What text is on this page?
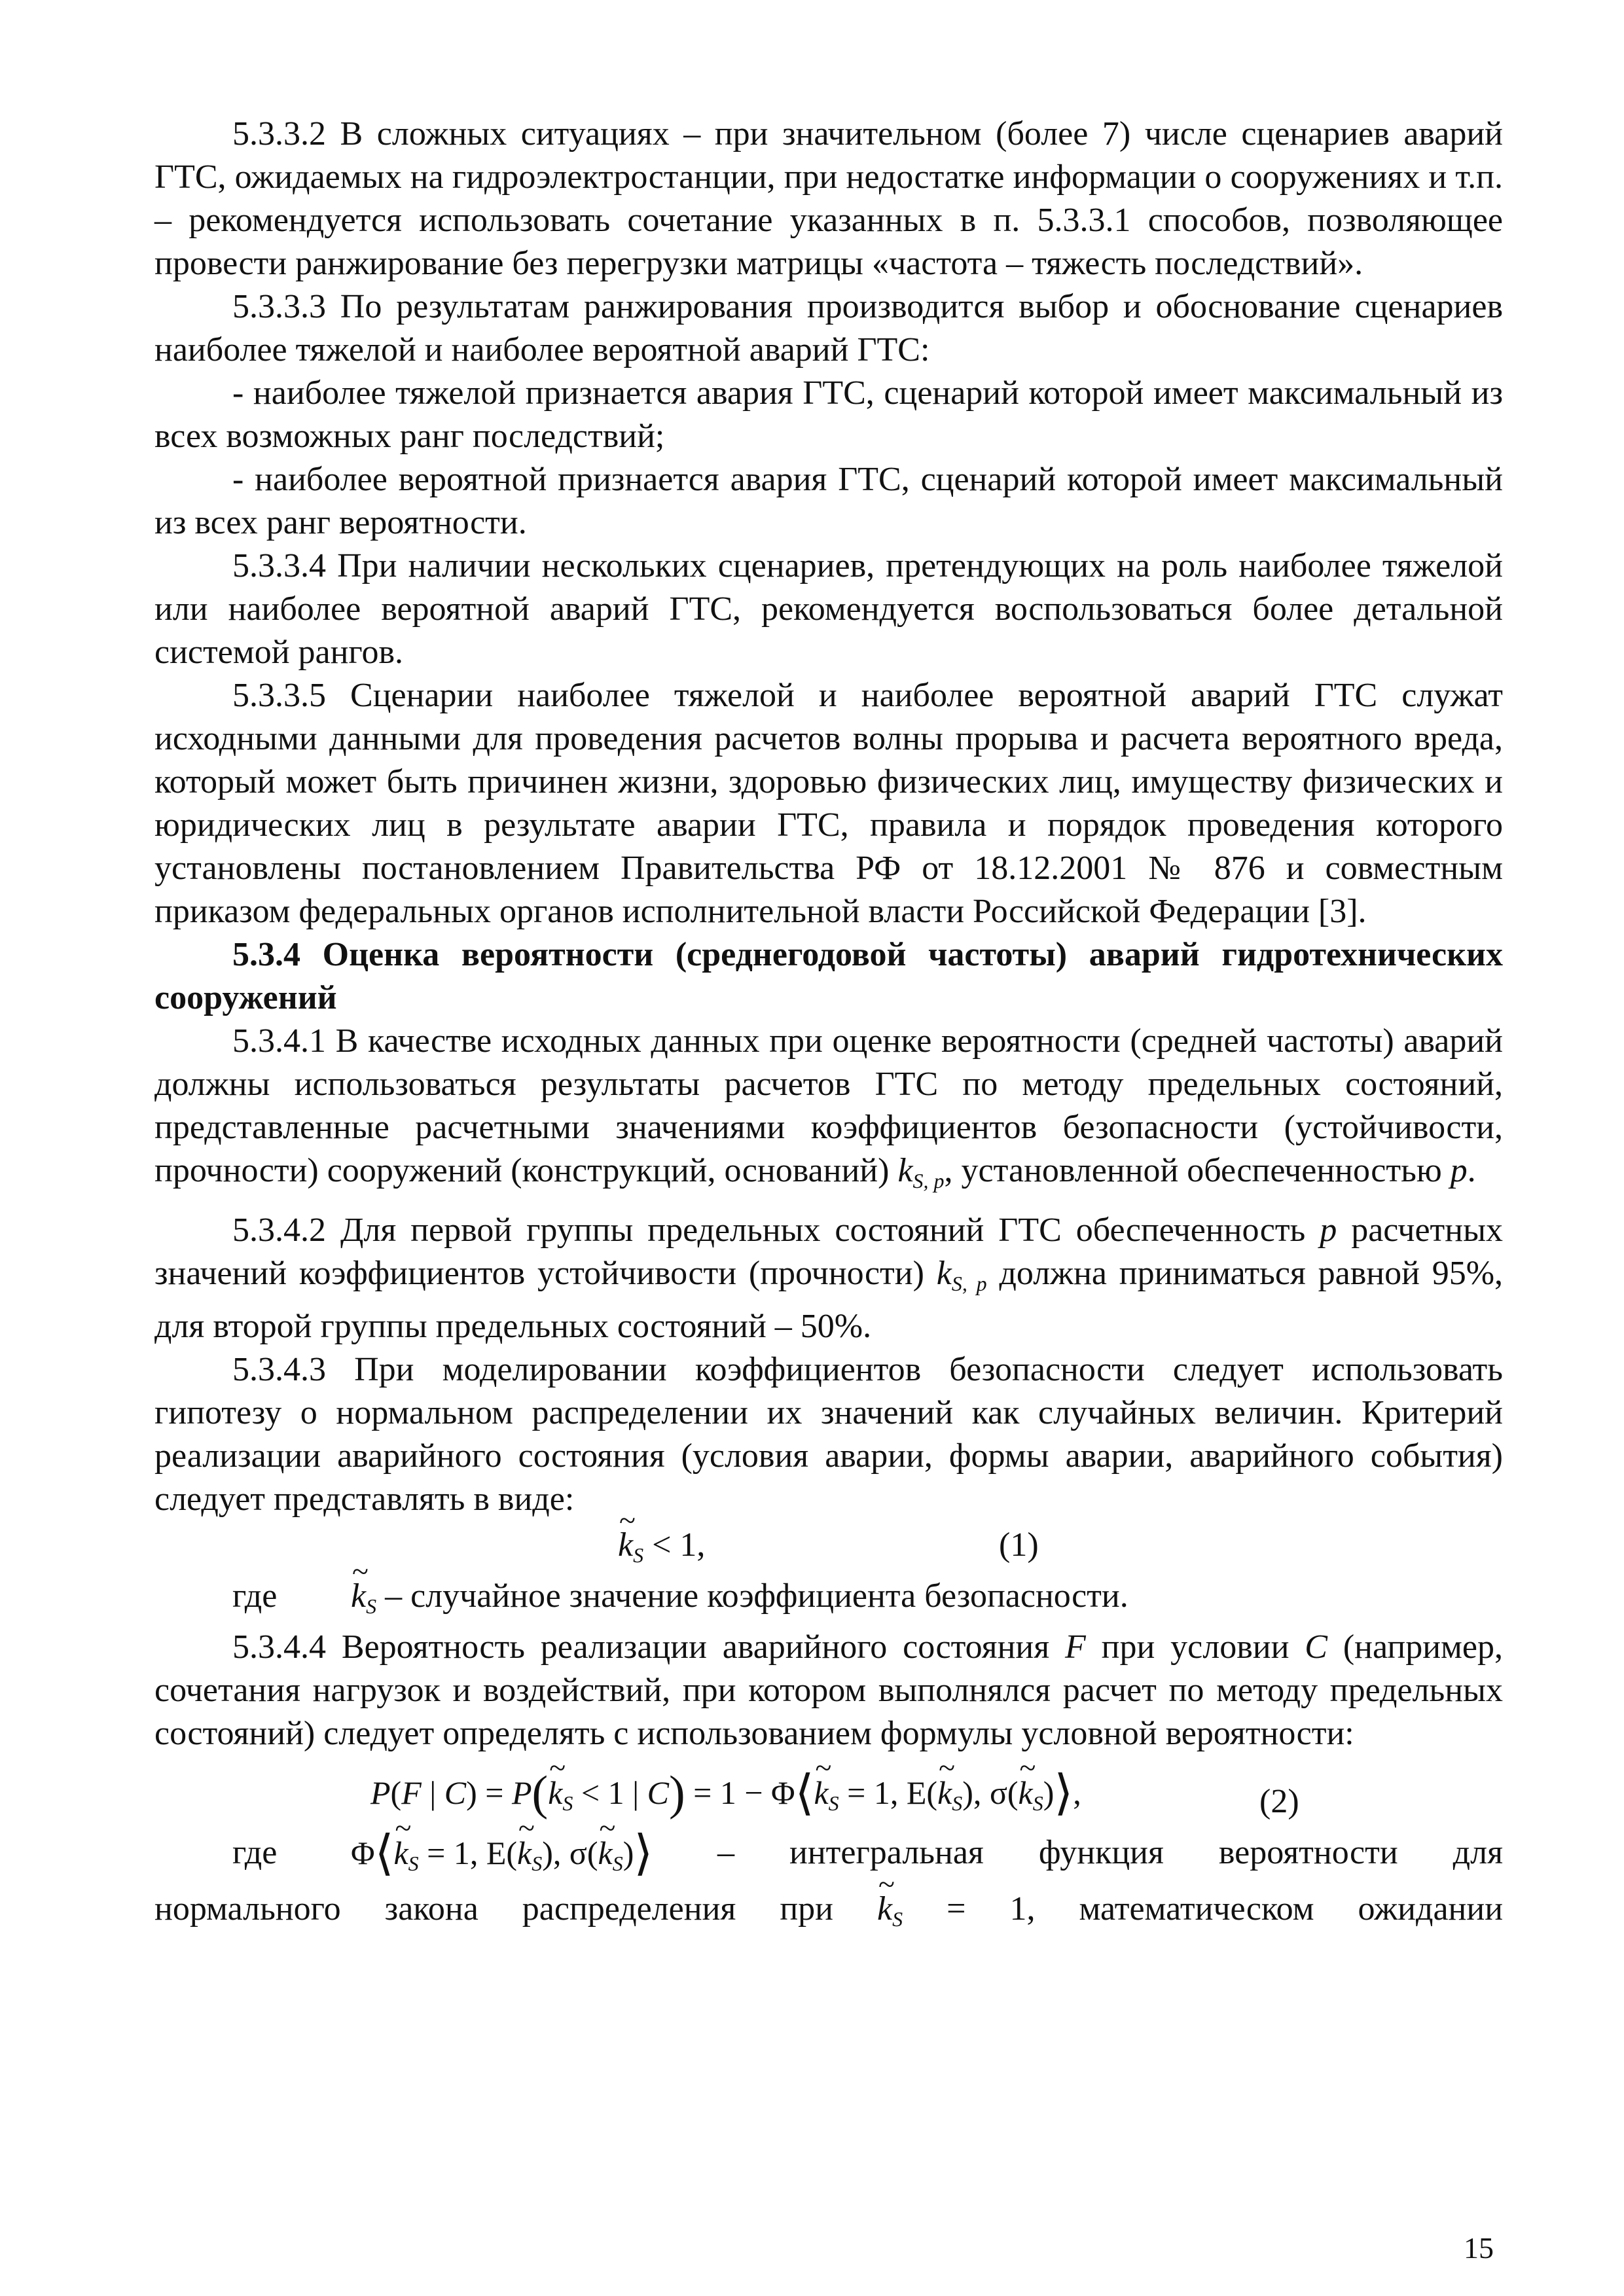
5.3.3.2 В сложных ситуациях – при значительном (более 7) числе сценариев аварий ГТС, ожидаемых на гидроэлектростанции, при недостатке информации о сооружениях и т.п. – рекомендуется использовать сочетание указанных в п. 5.3.3.1 способов, позволяющее провести ранжирование без перегрузки матрицы «частота – тяжесть последствий».

5.3.3.3 По результатам ранжирования производится выбор и обоснование сценариев наиболее тяжелой и наиболее вероятной аварий ГТС:

- наиболее тяжелой признается авария ГТС, сценарий которой имеет максимальный из всех возможных ранг последствий;

- наиболее вероятной признается авария ГТС, сценарий которой имеет максимальный из всех ранг вероятности.

5.3.3.4 При наличии нескольких сценариев, претендующих на роль наиболее тяжелой или наиболее вероятной аварий ГТС, рекомендуется воспользоваться более детальной системой рангов.

5.3.3.5 Сценарии наиболее тяжелой и наиболее вероятной аварий ГТС служат исходными данными для проведения расчетов волны прорыва и расчета вероятного вреда, который может быть причинен жизни, здоровью физических лиц, имуществу физических и юридических лиц в результате аварии ГТС, правила и порядок проведения которого установлены постановлением Правительства РФ от 18.12.2001 № 876 и совместным приказом федеральных органов исполнительной власти Российской Федерации [3].

5.3.4 Оценка вероятности (среднегодовой частоты) аварий гидротехнических сооружений

5.3.4.1 В качестве исходных данных при оценке вероятности (средней частоты) аварий должны использоваться результаты расчетов ГТС по методу предельных состояний, представленные расчетными значениями коэффициентов безопасности (устойчивости, прочности) сооружений (конструкций, оснований) $k_{S, p}$, установленной обеспеченностью p.

5.3.4.2 Для первой группы предельных состояний ГТС обеспеченность p расчетных значений коэффициентов устойчивости (прочности) $k_{S, p}$ должна приниматься равной 95%, для второй группы предельных состояний – 50%.

5.3.4.3 При моделировании коэффициентов безопасности следует использовать гипотезу о нормальном распределении их значений как случайных величин. Критерий реализации аварийного состояния (условия аварии, формы аварии, аварийного события) следует представлять в виде:

~ $k_S < 1$,	(1)
где ~ $k_S$ – случайное значение коэффициента безопасности.

5.3.4.4 Вероятность реализации аварийного состояния F при условии C (например, сочетания нагрузок и воздействий, при котором выполнялся расчет по методу предельных состояний) следует определять с использованием формулы условной вероятности:

P(F | C) = P(~ $k_S < 1$ | C) = 1 − Φ⟨~ $k_S = 1$, E(~ $k_S$), σ(~ $k_S)⟩$,	(2)
где Φ⟨~ $k_S = 1$, E(~ $k_S$), σ(~ $k_S)⟩$ – интегральная функция вероятности для

нормального закона распределения при ~ $k_S = 1$, математическом ожидании

15
